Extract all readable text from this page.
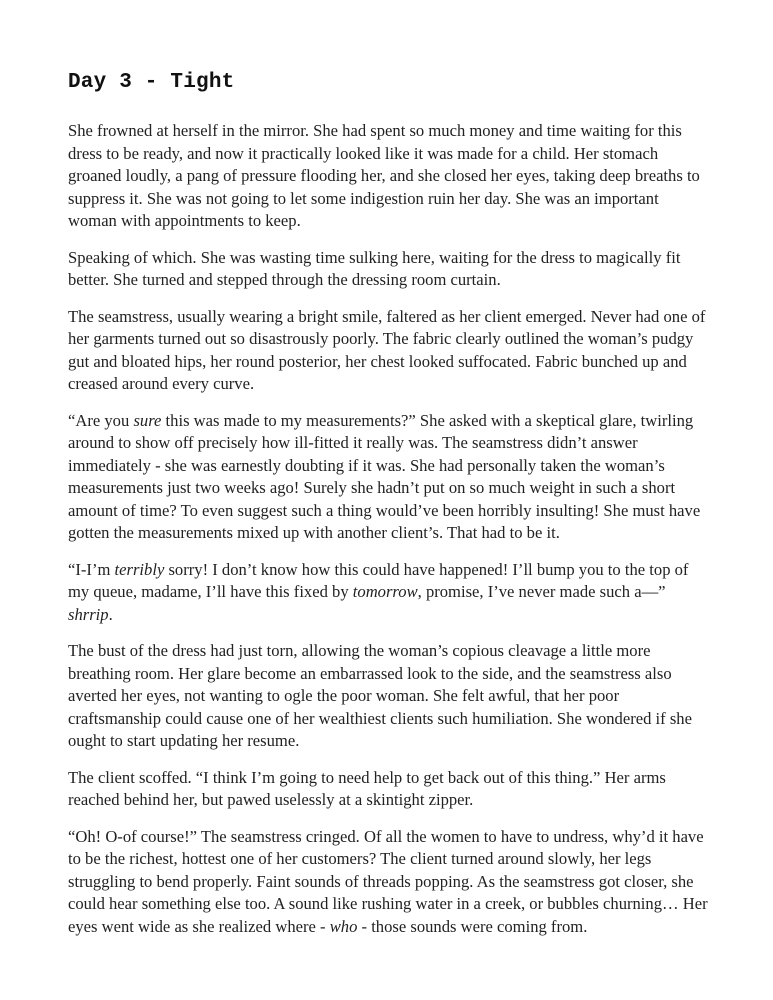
Day 3 - Tight

She frowned at herself in the mirror. She had spent so much money and time waiting for this dress to be ready, and now it practically looked like it was made for a child. Her stomach groaned loudly, a pang of pressure flooding her, and she closed her eyes, taking deep breaths to suppress it. She was not going to let some indigestion ruin her day. She was an important woman with appointments to keep.

Speaking of which. She was wasting time sulking here, waiting for the dress to magically fit better. She turned and stepped through the dressing room curtain.

The seamstress, usually wearing a bright smile, faltered as her client emerged. Never had one of her garments turned out so disastrously poorly. The fabric clearly outlined the woman’s pudgy gut and bloated hips, her round posterior, her chest looked suffocated. Fabric bunched up and creased around every curve.

“Are you sure this was made to my measurements?” She asked with a skeptical glare, twirling around to show off precisely how ill-fitted it really was. The seamstress didn’t answer immediately - she was earnestly doubting if it was. She had personally taken the woman’s measurements just two weeks ago! Surely she hadn’t put on so much weight in such a short amount of time? To even suggest such a thing would’ve been horribly insulting! She must have gotten the measurements mixed up with another client’s. That had to be it.

“I-I’m terribly sorry! I don’t know how this could have happened! I’ll bump you to the top of my queue, madame, I’ll have this fixed by tomorrow, promise, I’ve never made such a—” shrrip.

The bust of the dress had just torn, allowing the woman’s copious cleavage a little more breathing room. Her glare become an embarrassed look to the side, and the seamstress also averted her eyes, not wanting to ogle the poor woman. She felt awful, that her poor craftsmanship could cause one of her wealthiest clients such humiliation. She wondered if she ought to start updating her resume.

The client scoffed. “I think I’m going to need help to get back out of this thing.” Her arms reached behind her, but pawed uselessly at a skintight zipper.

“Oh! O-of course!” The seamstress cringed. Of all the women to have to undress, why’d it have to be the richest, hottest one of her customers? The client turned around slowly, her legs struggling to bend properly. Faint sounds of threads popping. As the seamstress got closer, she could hear something else too. A sound like rushing water in a creek, or bubbles churning… Her eyes went wide as she realized where - who - those sounds were coming from.
